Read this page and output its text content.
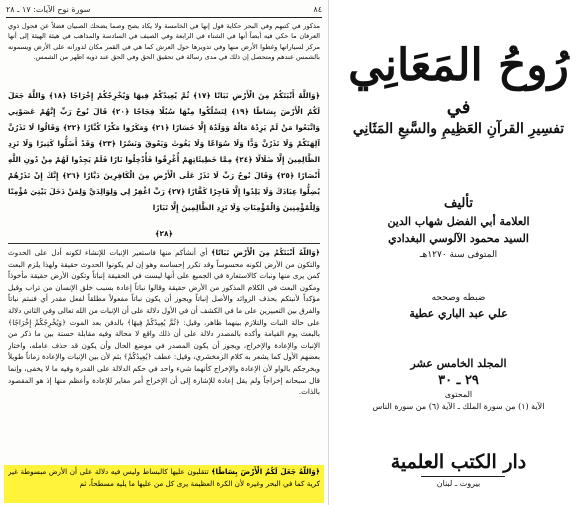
٨٤
سورة نوح الآيات: ١٧ ـ ٢٨
مذكور في كتبهم وفي البحر حكاية قول إنها في الخامسة ولا يكاد يصح وصما يضحك الصبيان فضلاً عن فحول ذوي العرفان ما حكي فيه أيضاً أنها في الشتاء في الرابعة وفي الصيف في السادسة والمذاهب في هيئة الهيئة إلى أنها مركز لسياراتها وغطوا الأرض منها وفي تدويرها حول العرش كما هي في القمر مكان لدورانه على الأرض ويسمونه بالشمس عندهم ومتحصل إن ذلك في مدى رسالة في تحقيق الحق وفي الحق عند ذويه اظهر من الشمس.
﴿وَاللَّهُ أَنْبَتَكُمْ مِنَ الْأَرْضِ نَبَاتًا ﴿١٧﴾ ثُمَّ يُعِيدُكُمْ فِيهَا وَيُخْرِجُكُمْ إِخْرَاجًا ﴿١٨﴾ وَاللَّهُ جَعَلَ لَكُمُ الْأَرْضَ بِسَاطًا ﴿١٩﴾ لِتَسْلُكُوا مِنْهَا سُبُلًا فِجَاجًا ﴿٢٠﴾ قَالَ نُوحٌ رَبِّ إِنَّهُمْ عَصَوْنِي وَاتَّبَعُوا مَنْ لَمْ يَزِدْهُ مَالُهُ وَوَلَدُهُ إِلَّا خَسَارًا ﴿٢١﴾ وَمَكَرُوا مَكْرًا كُبَّارًا ﴿٢٢﴾ وَقَالُوا لَا تَذَرُنَّ آلِهَتَكُمْ وَلَا تَذَرُنَّ وَدًّا وَلَا سُوَاعًا وَلَا يَغُوثَ وَيَعُوقَ وَنَسْرًا ﴿٢٣﴾ وَقَدْ أَضَلُّوا كَثِيرًا وَلَا تَزِدِ الظَّالِمِينَ إِلَّا ضَلَالًا ﴿٢٤﴾ مِمَّا خَطِيئَاتِهِمْ أُغْرِقُوا فَأُدْخِلُوا نَارًا فَلَمْ يَجِدُوا لَهُمْ مِنْ دُونِ اللَّهِ أَنْصَارًا ﴿٢٥﴾ وَقَالَ نُوحٌ رَبِّ لَا تَذَرْ عَلَى الْأَرْضِ مِنَ الْكَافِرِينَ دَيَّارًا ﴿٢٦﴾ إِنَّكَ إِنْ تَذَرْهُمْ يُضِلُّوا عِبَادَكَ وَلَا يَلِدُوا إِلَّا فَاجِرًا كَفَّارًا ﴿٢٧﴾ رَبِّ اغْفِرْ لِي وَلِوَالِدَيَّ وَلِمَنْ دَخَلَ بَيْتِيَ مُؤْمِنًا وَلِلْمُؤْمِنِينَ وَالْمُؤْمِنَاتِ وَلَا تَزِدِ الظَّالِمِينَ إِلَّا تَبَارًا
﴿٢٨﴾
﴿وَاللَّهُ أَنْبَتَكُمْ مِنَ الْأَرْضِ نَبَاتًا﴾ أي أنشأكم منها فاستعير الإنبات للإنشاء لكونه أدل على الحدوث والتكون من الأرض لكونه محسوساً وقد تكرر إحساسه وهو إن لم يكونوا الحدوث حقيقة ولهذا يلزم البعث كمن يرى منها ونبات كالاستعارة في الجميع على أنها ليست في الحقيقة إنباتاً وتكون الأرض حقيقة مأخوذاً ومكون البعث في الكلام المذكور من الأرض حقيقة وقالوا نباتاً إعادة بسبب خلق الإنسان من تراب وقيل مؤكداً لأنبتكم بحذف الزوائد والأصل إنباتاً ويجوز أن يكون نباتاً مفعولاً مطلقاً لفعل مقدر أي فنبتم نباتاً والفرق بين التعبيرين على ما في الكشف أن في الأول دلالة على أن الإنبات من الله تعالى وفي الثاني دلالة على حالة النبات والتلازم بينهما ظاهر، وقيل: ﴿ثُمَّ يُعِيدُكُمْ فِيهَا﴾ بالدفن بعد الموت ﴿وَيُخْرِجُكُمْ إِخْرَاجًا﴾ بالبعث يوم القيامة وأكده بالمصدر دلالة على أن ذلك واقع لا محالة وفيه مقابلة حسنة بين ما ذكر من الإنبات والإعادة والإخراج، ويجوز أن يكون المصدر في موضع الحال وأن يكون قد حذف عامله، واختار بعضهم الأول كما يشعر به كلام الزمخشري، وقيل: عطف ﴿يُعِيدُكُمْ﴾ بثم لأن بين الإنبات والإعادة زماناً طويلاً ويخرجكم بالواو لأن الإعادة والإخراج كأنهما شيء واحد في حكم الدلالة على القدرة وفيه ما لا يخفى، وإنما قال سبحانه إخراجاً ولم يقل إعادة للإشارة إلى أن الإخراج أمر مغاير للإعادة وأعظم منها إذ هو المقصود بالذات.
﴿وَاللَّهُ جَعَلَ لَكُمُ الْأَرْضَ بِسَاطًا﴾ تتقلبون عليها كالبساط وليس فيه دلالة على أن الأرض مبسوطة غير كرية كما في البحر وغيره لأن الكرة العظيمة يرى كل من عليها ما يليه مسطحاً، ثم
رُوحُ المَعَانِي
في
تفسِيرِ القرآنِ العَظِيمِ والسَّبعِ المَثَانِي
تأليف
العلامة أبي الفضل شهاب الدين
السيد محمود الآلوسي البغدادي
المتوفى سنة ١٢٧٠هـ
ضبطه وصححه
علي عبد الباري عطية
المجلد الخامس عشر
٢٩ ـ ٣٠
المحتوى
الآية (١) من سورة الملك ـ الآية (٦) من سورة الناس
دار الكتب العلمية
بيروت ـ لبنان
